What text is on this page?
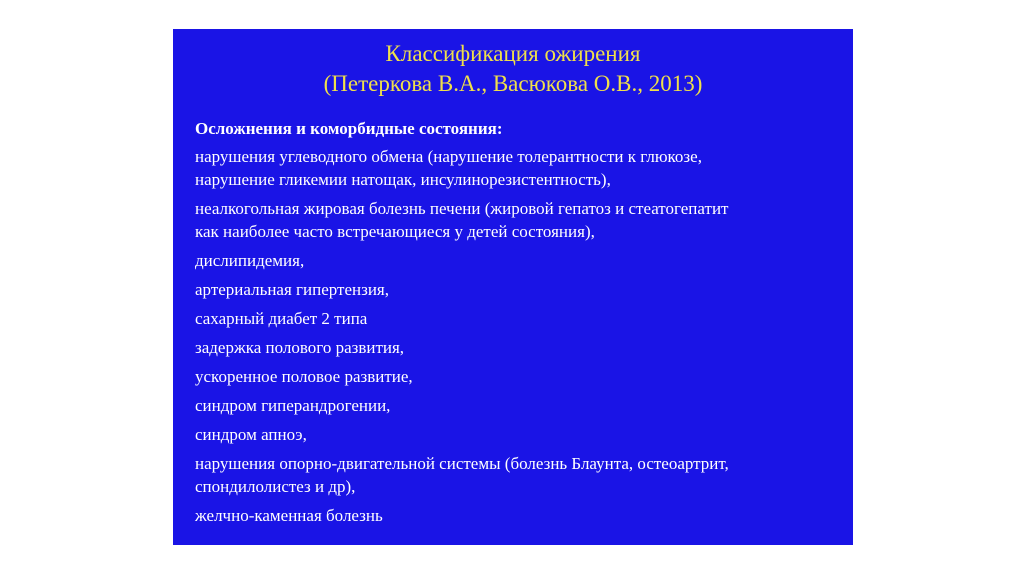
Классификация ожирения
(Петеркова В.А., Васюкова О.В., 2013)
Осложнения и коморбидные состояния:
нарушения углеводного обмена (нарушение толерантности к глюкозе,
нарушение гликемии натощак, инсулинорезистентность),
неалкогольная жировая болезнь печени (жировой гепатоз и стеатогепатит
как наиболее часто встречающиеся у детей состояния),
дислипидемия,
артериальная гипертензия,
сахарный диабет 2 типа
задержка полового развития,
ускоренное половое развитие,
синдром гиперандрогении,
синдром апноэ,
нарушения опорно-двигательной системы (болезнь Блаунта, остеоартрит,
спондилолистез и др),
желчно-каменная болезнь
